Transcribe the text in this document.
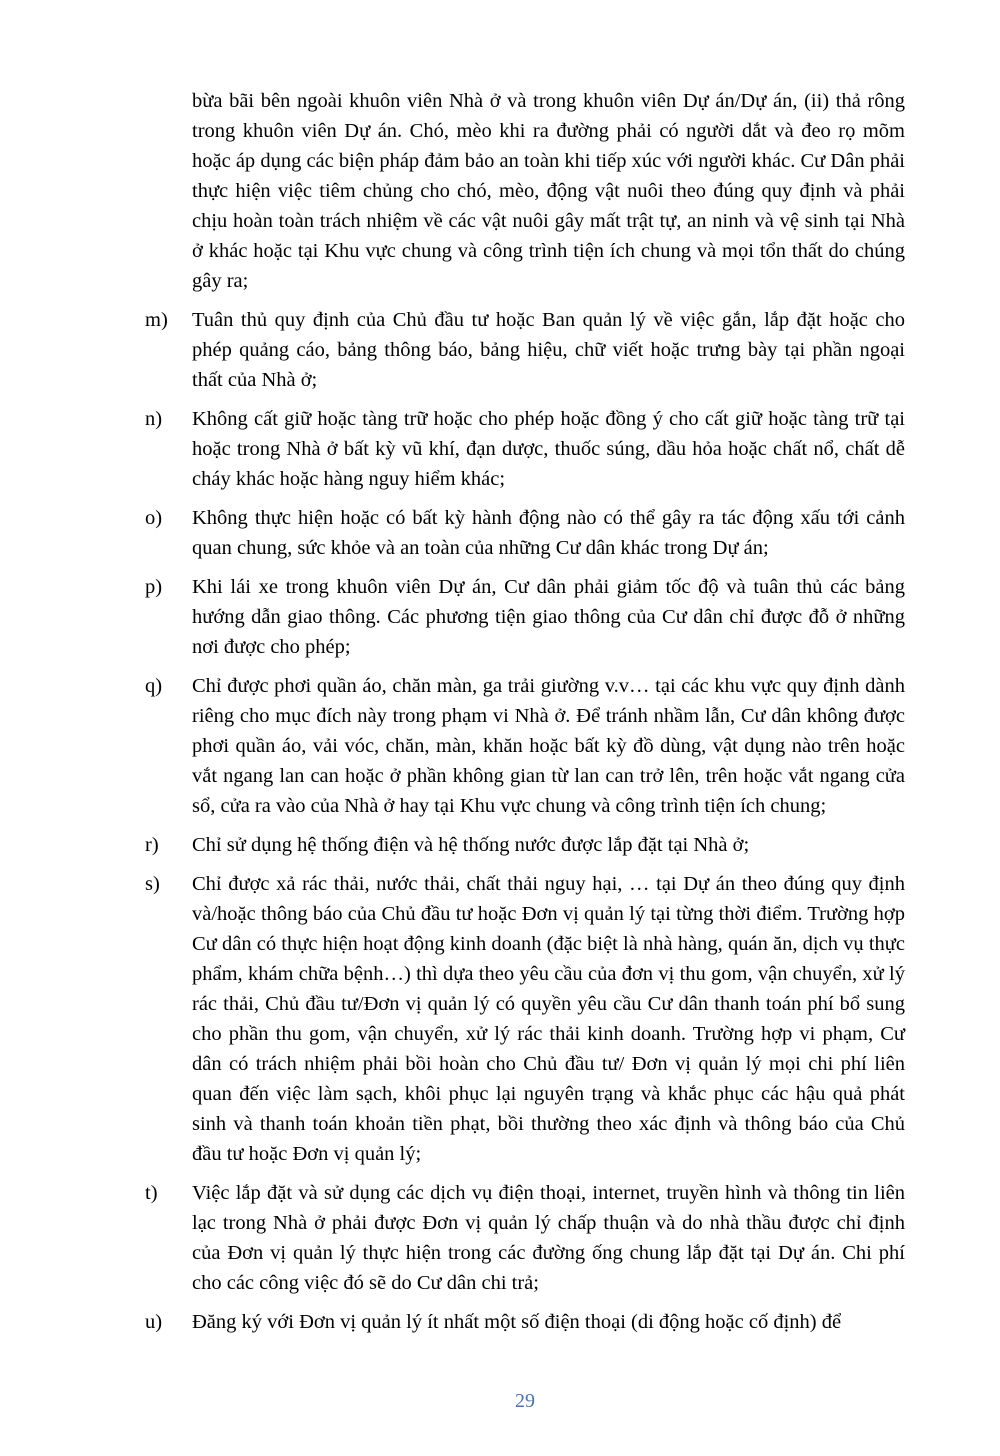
bừa bãi bên ngoài khuôn viên Nhà ở và trong khuôn viên Dự án/Dự án, (ii) thả rông trong khuôn viên Dự án. Chó, mèo khi ra đường phải có người dắt và đeo rọ mõm hoặc áp dụng các biện pháp đảm bảo an toàn khi tiếp xúc với người khác. Cư Dân phải thực hiện việc tiêm chủng cho chó, mèo, động vật nuôi theo đúng quy định và phải chịu hoàn toàn trách nhiệm về các vật nuôi gây mất trật tự, an ninh và vệ sinh tại Nhà ở khác hoặc tại Khu vực chung và công trình tiện ích chung và mọi tổn thất do chúng gây ra;

m)	Tuân thủ quy định của Chủ đầu tư hoặc Ban quản lý về việc gắn, lắp đặt hoặc cho phép quảng cáo, bảng thông báo, bảng hiệu, chữ viết hoặc trưng bày tại phần ngoại thất của Nhà ở;
n)	Không cất giữ hoặc tàng trữ hoặc cho phép hoặc đồng ý cho cất giữ hoặc tàng trữ tại hoặc trong Nhà ở bất kỳ vũ khí, đạn dược, thuốc súng, dầu hỏa hoặc chất nổ, chất dễ cháy khác hoặc hàng nguy hiểm khác;
o)	Không thực hiện hoặc có bất kỳ hành động nào có thể gây ra tác động xấu tới cảnh quan chung, sức khỏe và an toàn của những Cư dân khác trong Dự án;
p)	Khi lái xe trong khuôn viên Dự án, Cư dân phải giảm tốc độ và tuân thủ các bảng hướng dẫn giao thông. Các phương tiện giao thông của Cư dân chỉ được đỗ ở những nơi được cho phép;
q)	Chỉ được phơi quần áo, chăn màn, ga trải giường v.v… tại các khu vực quy định dành riêng cho mục đích này trong phạm vi Nhà ở. Để tránh nhầm lẫn, Cư dân không được phơi quần áo, vải vóc, chăn, màn, khăn hoặc bất kỳ đồ dùng, vật dụng nào trên hoặc vắt ngang lan can hoặc ở phần không gian từ lan can trở lên, trên hoặc vắt ngang cửa sổ, cửa ra vào của Nhà ở hay tại Khu vực chung và công trình tiện ích chung;
r)	Chỉ sử dụng hệ thống điện và hệ thống nước được lắp đặt tại Nhà ở;
s)	Chỉ được xả rác thải, nước thải, chất thải nguy hại, … tại Dự án theo đúng quy định và/hoặc thông báo của Chủ đầu tư hoặc Đơn vị quản lý tại từng thời điểm. Trường hợp Cư dân có thực hiện hoạt động kinh doanh (đặc biệt là nhà hàng, quán ăn, dịch vụ thực phẩm, khám chữa bệnh…) thì dựa theo yêu cầu của đơn vị thu gom, vận chuyển, xử lý rác thải, Chủ đầu tư/Đơn vị quản lý có quyền yêu cầu Cư dân thanh toán phí bổ sung cho phần thu gom, vận chuyển, xử lý rác thải kinh doanh. Trường hợp vi phạm, Cư dân có trách nhiệm phải bồi hoàn cho Chủ đầu tư/ Đơn vị quản lý mọi chi phí liên quan đến việc làm sạch, khôi phục lại nguyên trạng và khắc phục các hậu quả phát sinh và thanh toán khoản tiền phạt, bồi thường theo xác định và thông báo của Chủ đầu tư hoặc Đơn vị quản lý;
t)	Việc lắp đặt và sử dụng các dịch vụ điện thoại, internet, truyền hình và thông tin liên lạc trong Nhà ở phải được Đơn vị quản lý chấp thuận và do nhà thầu được chỉ định của Đơn vị quản lý thực hiện trong các đường ống chung lắp đặt tại Dự án. Chi phí cho các công việc đó sẽ do Cư dân chi trả;
u)	Đăng ký với Đơn vị quản lý ít nhất một số điện thoại (di động hoặc cố định) để
29
